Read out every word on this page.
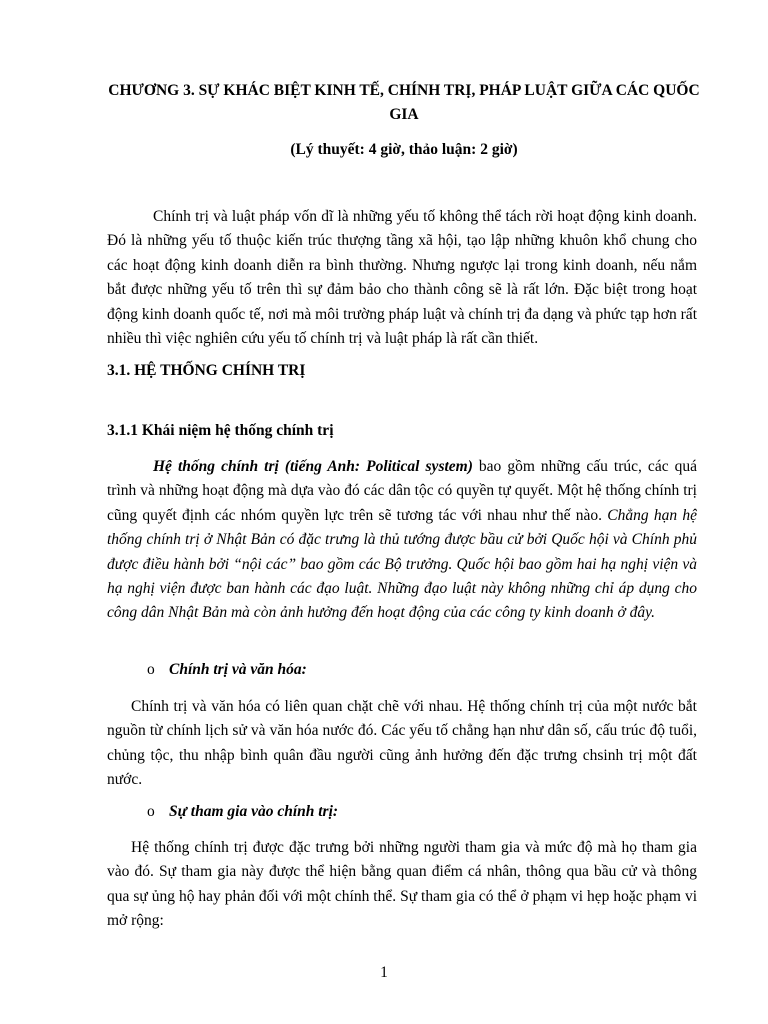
CHƯƠNG 3. SỰ KHÁC BIỆT KINH TẾ, CHÍNH TRỊ, PHÁP LUẬT GIỮA CÁC QUỐC GIA
(Lý thuyết: 4 giờ, thảo luận: 2 giờ)

Chính trị và luật pháp vốn dĩ là những yếu tố không thể tách rời hoạt động kinh doanh. Đó là những yếu tố thuộc kiến trúc thượng tầng xã hội, tạo lập những khuôn khổ chung cho các hoạt động kinh doanh diễn ra bình thường. Nhưng ngược lại trong kinh doanh, nếu nắm bắt được những yếu tố trên thì sự đảm bảo cho thành công sẽ là rất lớn. Đặc biệt trong hoạt động kinh doanh quốc tế, nơi mà môi trường pháp luật và chính trị đa dạng và phức tạp hơn rất nhiều thì việc nghiên cứu yếu tố chính trị và luật pháp là rất cần thiết.

3.1. HỆ THỐNG CHÍNH TRỊ
3.1.1 Khái niệm hệ thống chính trị

Hệ thống chính trị (tiếng Anh: Political system) bao gồm những cấu trúc, các quá trình và những hoạt động mà dựa vào đó các dân tộc có quyền tự quyết. Một hệ thống chính trị cũng quyết định các nhóm quyền lực trên sẽ tương tác với nhau như thế nào. Chẳng hạn hệ thống chính trị ở Nhật Bản có đặc trưng là thủ tướng được bầu cử bởi Quốc hội và Chính phủ được điều hành bởi “nội các” bao gồm các Bộ trưởng. Quốc hội bao gồm hai hạ nghị viện và hạ nghị viện được ban hành các đạo luật. Những đạo luật này không những chỉ áp dụng cho công dân Nhật Bản mà còn ảnh hưởng đến hoạt động của các công ty kinh doanh ở đây.

o Chính trị và văn hóa:

Chính trị và văn hóa có liên quan chặt chẽ với nhau. Hệ thống chính trị của một nước bắt nguồn từ chính lịch sử và văn hóa nước đó. Các yếu tố chẳng hạn như dân số, cấu trúc độ tuổi, chủng tộc, thu nhập bình quân đầu người cũng ảnh hưởng đến đặc trưng chsinh trị một đất nước.

o Sự tham gia vào chính trị:

Hệ thống chính trị được đặc trưng bởi những người tham gia và mức độ mà họ tham gia vào đó. Sự tham gia này được thể hiện bằng quan điểm cá nhân, thông qua bầu cử và thông qua sự ủng hộ hay phản đối với một chính thể. Sự tham gia có thể ở phạm vi hẹp hoặc phạm vi mở rộng:

1
